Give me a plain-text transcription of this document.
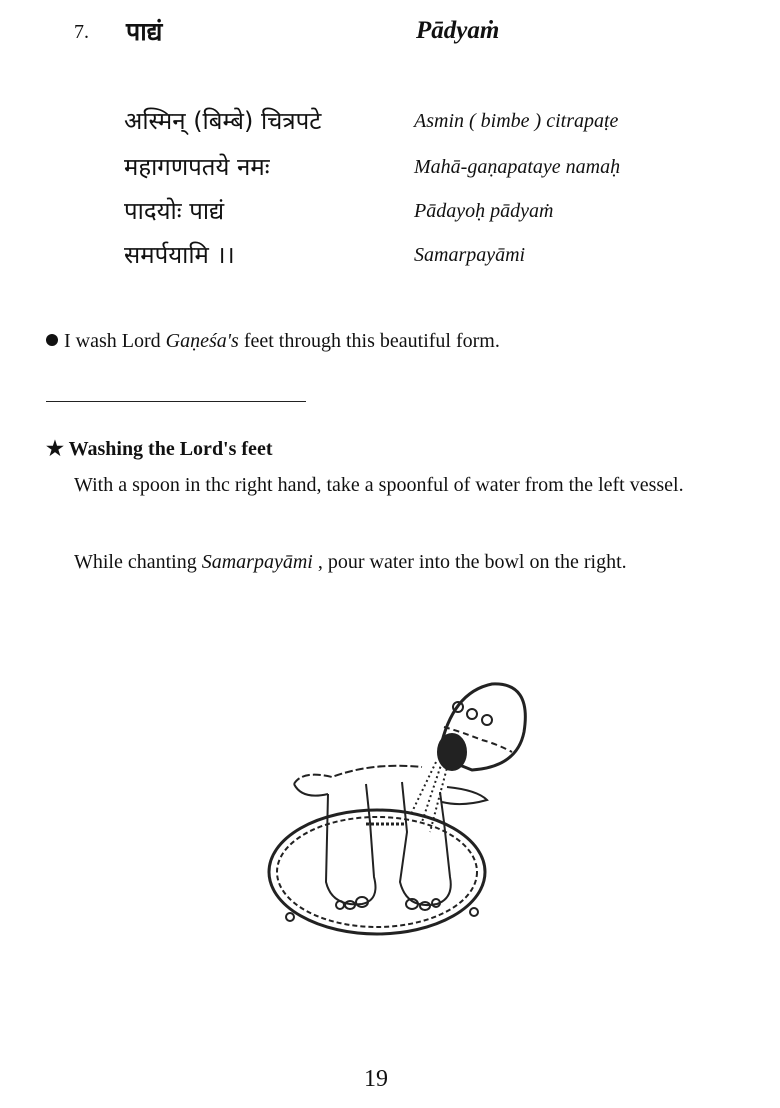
7. पाद्यं	Pādyaṁ
अस्मिन् (बिम्बे) चित्रपटे	Asmin ( bimbe ) citrapaṭe
महागणपतये नमः	Mahā-gaṇapataye namaḥ
पादयोः पाद्यं	Pādayoḥ pādyaṁ
समर्पयामि ।।	Samarpayāmi
I wash Lord Gaṇeśa's feet through this beautiful form.
★ Washing the Lord's feet
With a spoon in thc right hand, take a spoonful of water from the left vessel.
While chanting Samarpayāmi , pour water into the bowl on the right.
19
